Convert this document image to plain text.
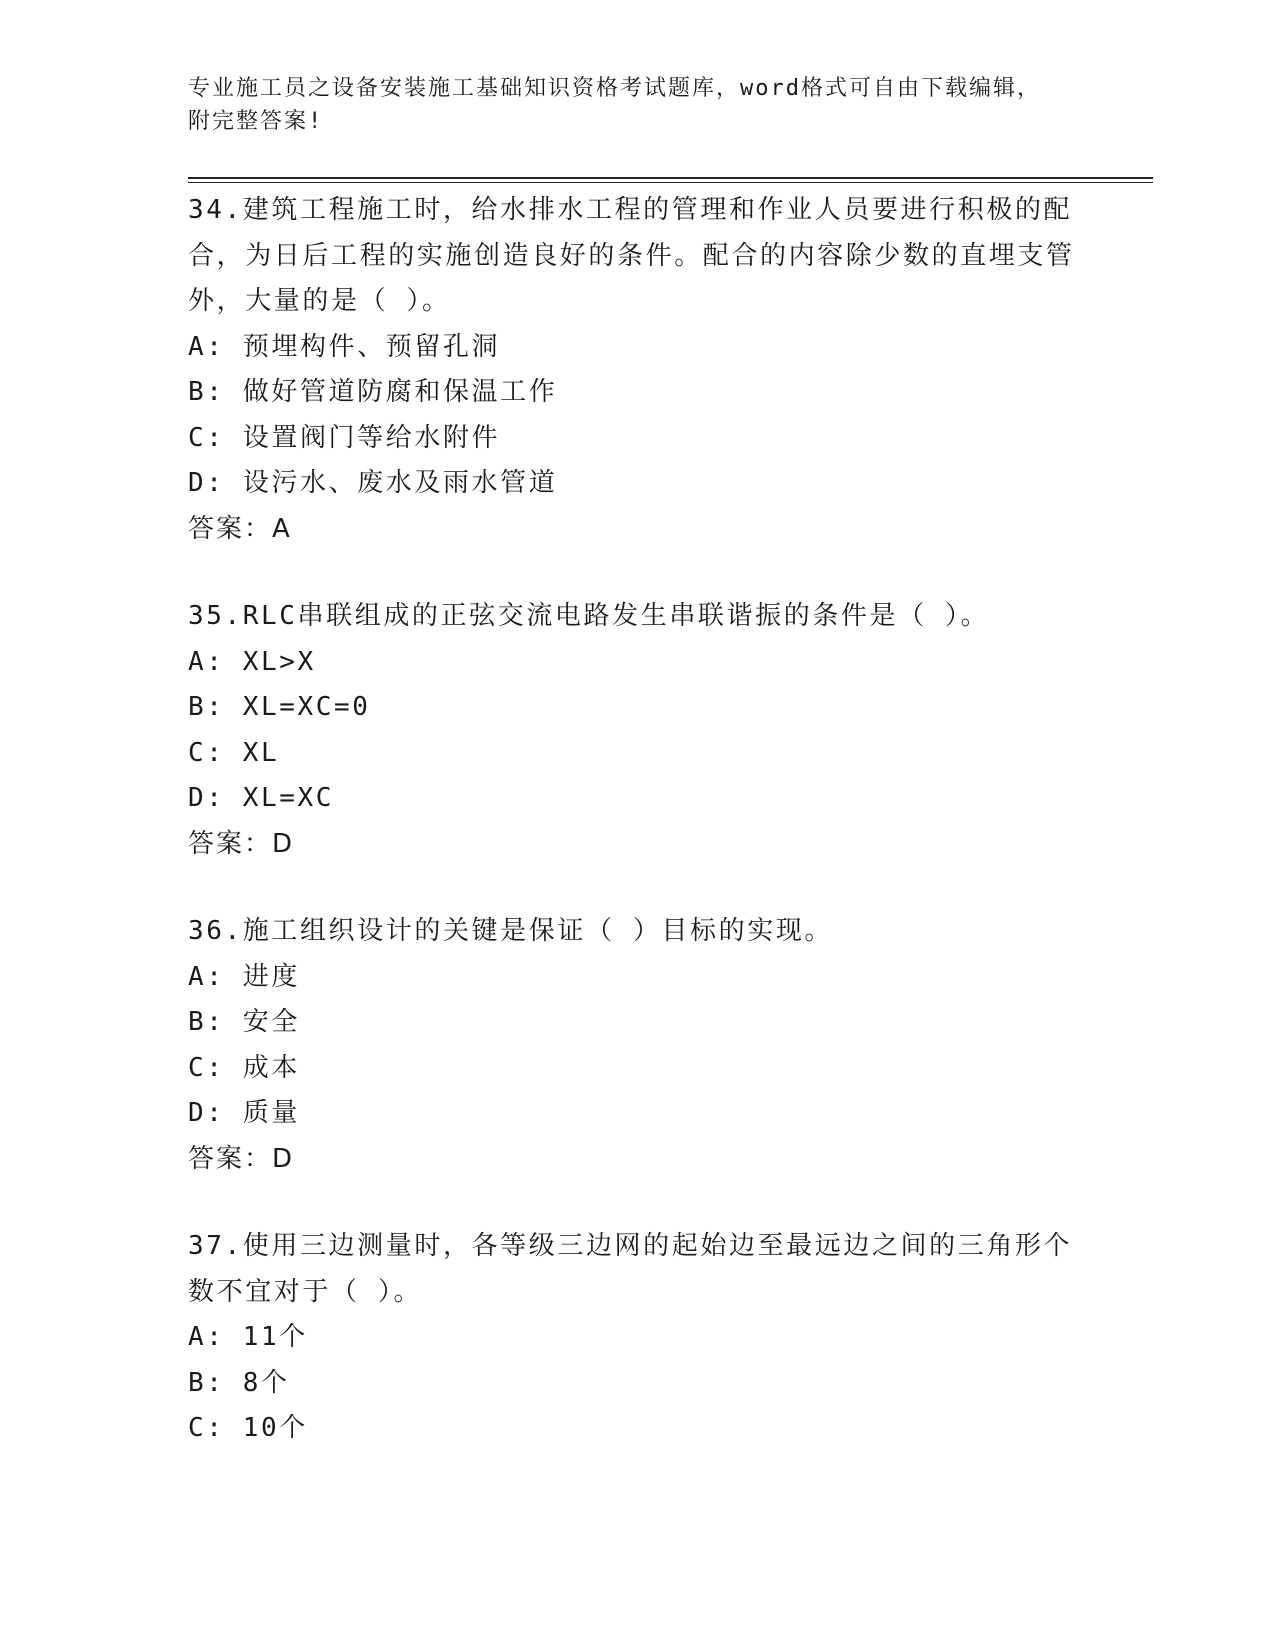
专业施工员之设备安装施工基础知识资格考试题库，word格式可自由下载编辑，
附完整答案!

34.建筑工程施工时，给水排水工程的管理和作业人员要进行积极的配合，为日后工程的实施创造良好的条件。配合的内容除少数的直埋支管外，大量的是（ ）。

A: 预埋构件、预留孔洞

B: 做好管道防腐和保温工作

C: 设置阀门等给水附件

D: 设污水、废水及雨水管道

答案：A

35.RLC串联组成的正弦交流电路发生串联谐振的条件是（ ）。

A: XL>X

B: XL=XC=0

C: XL

D: XL=XC

答案：D

36.施工组织设计的关键是保证（ ）目标的实现。

A: 进度

B: 安全

C: 成本

D: 质量

答案：D

37.使用三边测量时，各等级三边网的起始边至最远边之间的三角形个数不宜对于（ ）。

A: 11个

B: 8个

C: 10个
